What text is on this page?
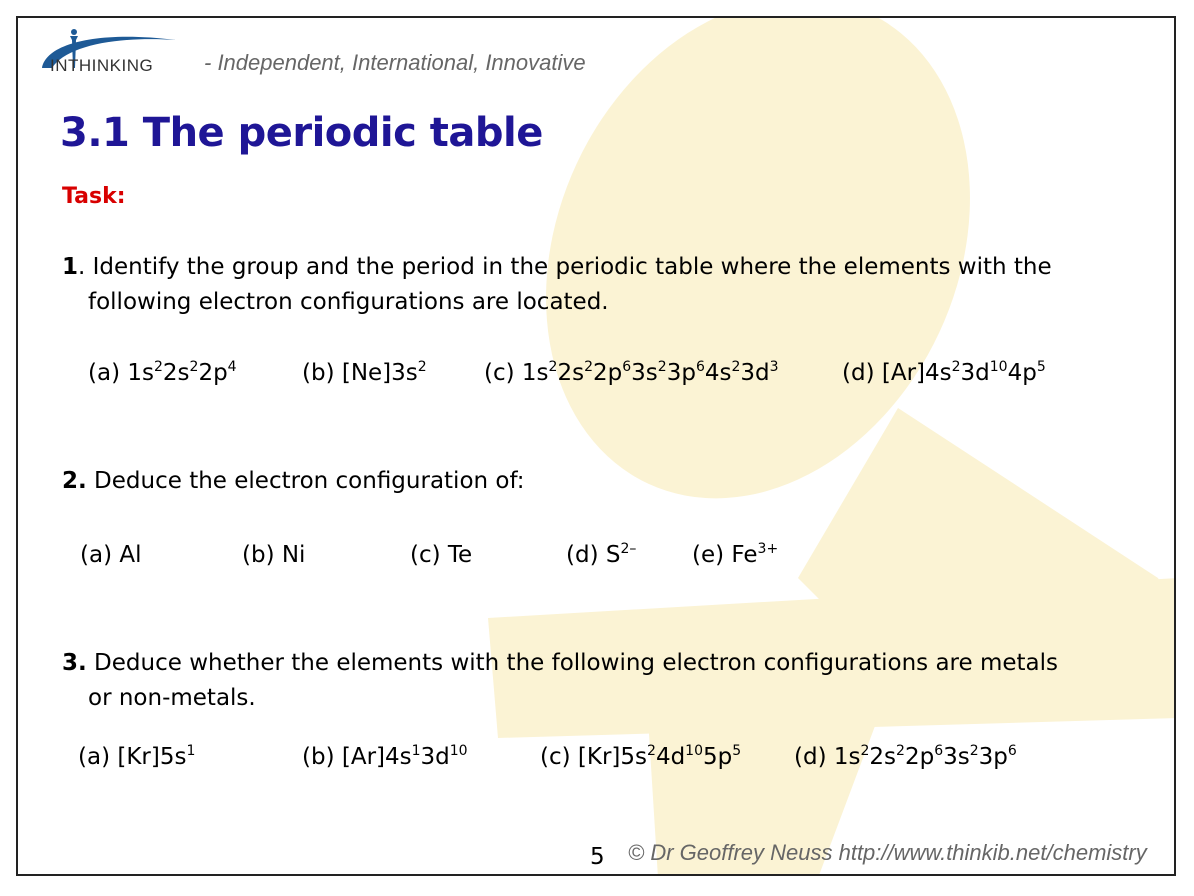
INTHINKING - Independent, International, Innovative
3.1 The periodic table
Task:
1. Identify the group and the period in the periodic table where the elements with the
following electron configurations are located.
(a) $1s^22s^22p^4$	(b) $[Ne]3s^2$ (c) $1s^22s^22p^63s^23p^64s^23d^3$	(d) $[Ar]4s^23d^{10}4p^5$
2. Deduce the electron configuration of:
(a) Al	(b) Ni	(c) Te	(d) $S^{2-}$ (e) $Fe^{3+}$
3. Deduce whether the elements with the following electron configurations are metals
or non-metals.
(a) $[Kr]5s^1$	(b) $[Ar]4s^13d^{10}$	(c) $[Kr]5s^24d^{10}5p^5$ (d) $1s^22s^22p^63s^23p^6$
5 © Dr Geoffrey Neuss http://www.thinkib.net/chemistry
